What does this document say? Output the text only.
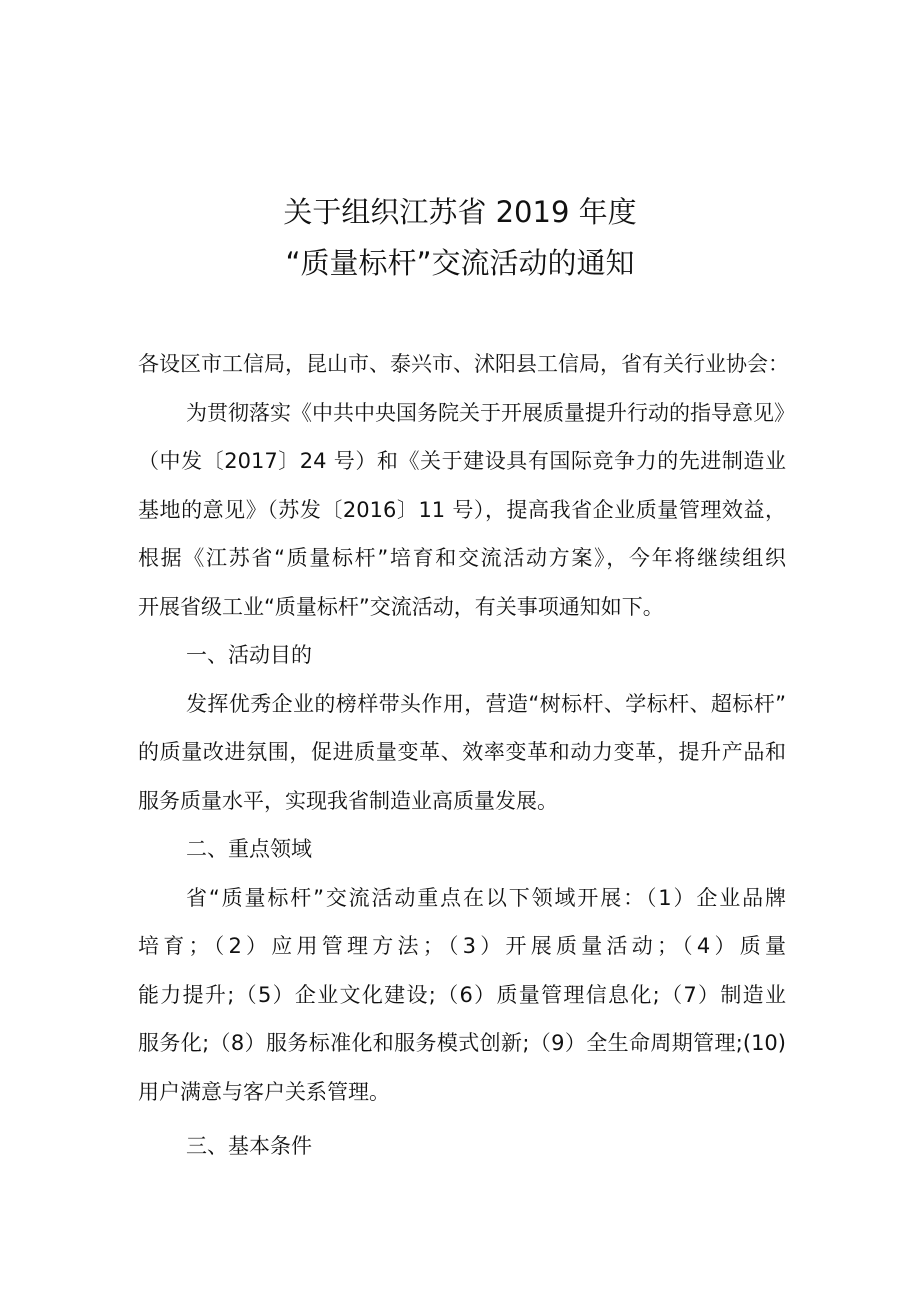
关于组织江苏省 2019 年度
“质量标杆”交流活动的通知
各设区市工信局，昆山市、泰兴市、沭阳县工信局，省有关行业协会：
为贯彻落实《中共中央国务院关于开展质量提升行动的指导意见》
（中发〔2017〕24 号）和《关于建设具有国际竞争力的先进制造业
基地的意见》（苏发〔2016〕11 号），提高我省企业质量管理效益，
根据《江苏省“质量标杆”培育和交流活动方案》，今年将继续组织
开展省级工业“质量标杆”交流活动，有关事项通知如下。
一、活动目的
发挥优秀企业的榜样带头作用，营造“树标杆、学标杆、超标杆”
的质量改进氛围，促进质量变革、效率变革和动力变革，提升产品和
服务质量水平，实现我省制造业高质量发展。
二、重点领域
省“质量标杆”交流活动重点在以下领域开展：（1）企业品牌
培育；（2）应用管理方法；（3）开展质量活动；（4）质量
能力提升;（5）企业文化建设;（6）质量管理信息化;（7）制造业
服务化;（8）服务标准化和服务模式创新;（9）全生命周期管理;(10)
用户满意与客户关系管理。
三、基本条件
